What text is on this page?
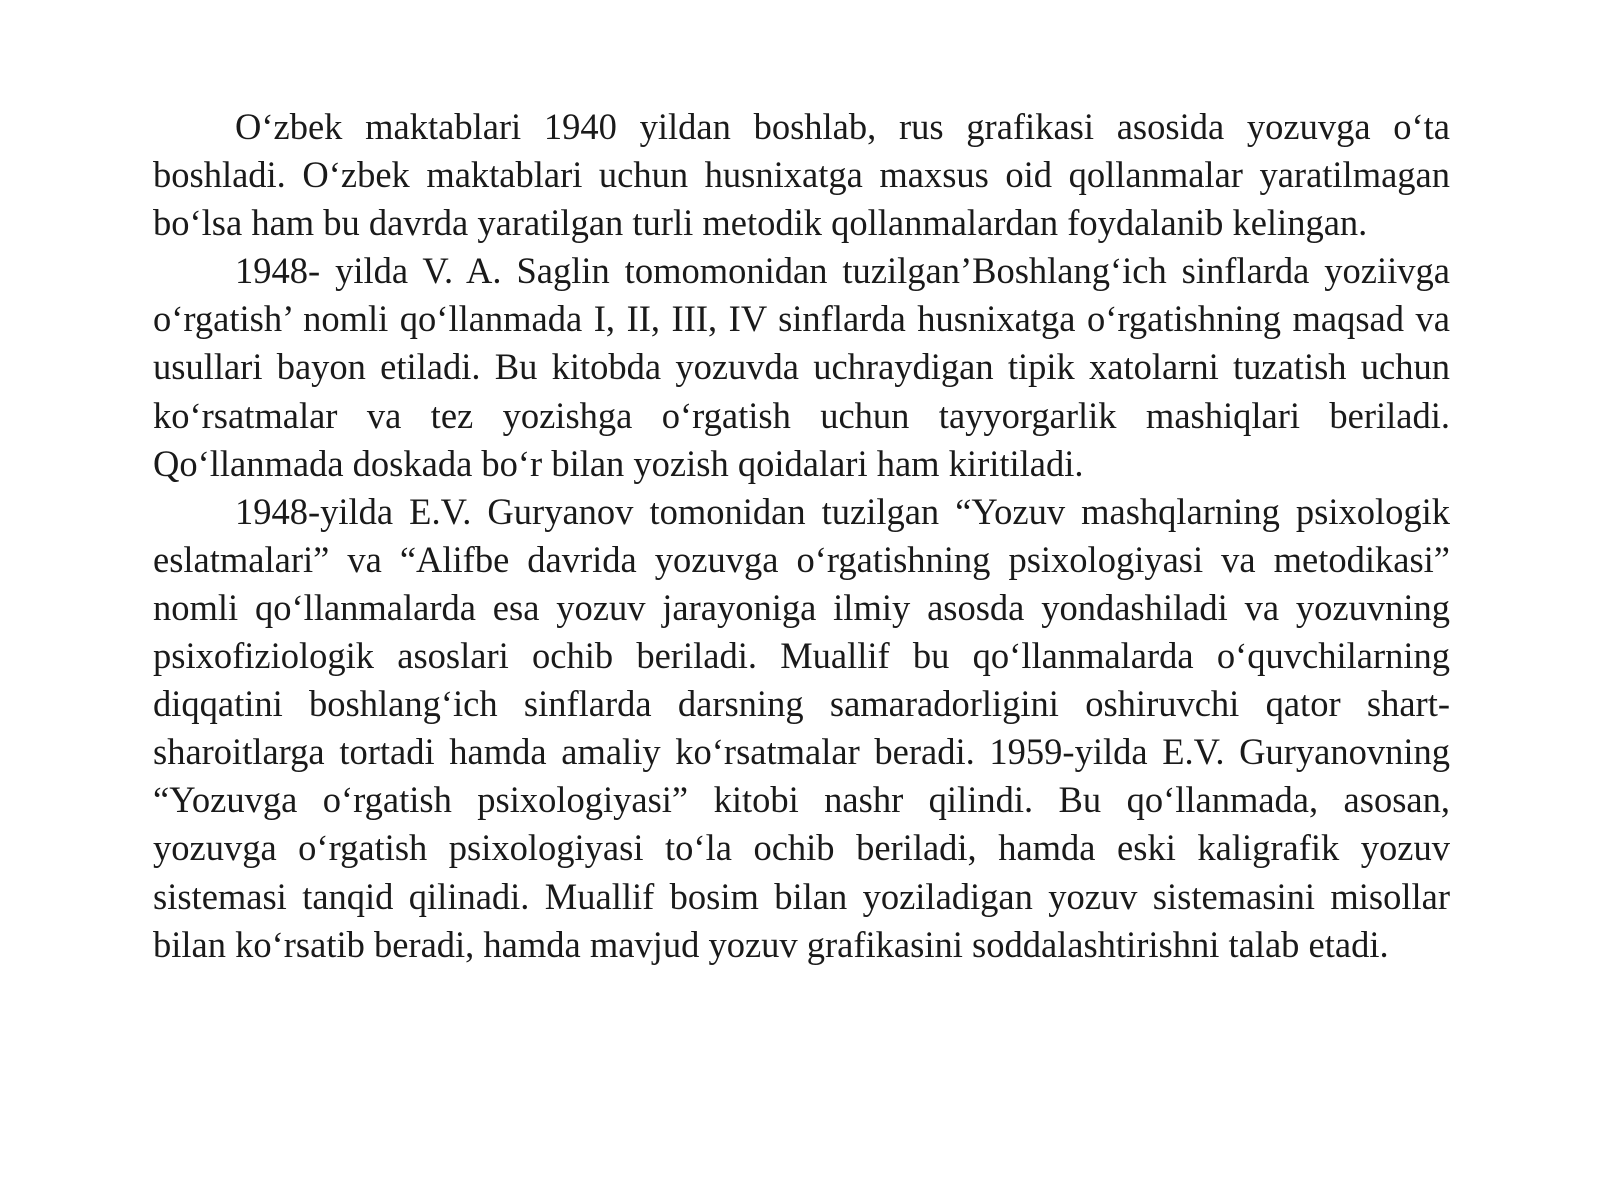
Oʻzbek maktablari 1940 yildan boshlab, rus grafikasi asosida yozuvga oʻta boshladi. Oʻzbek maktablari uchun husnixatga maxsus oid qollanmalar yaratilmagan boʻlsa ham bu davrda yaratilgan turli metodik qollanmalardan foydalanib kelingan.

1948- yilda V. A. Saglin tomomonidan tuzilgan’Boshlangʻich sinflarda yoziivga oʻrgatish’ nomli qoʻllanmada I, II, III, IV sinflarda husnixatga oʻrgatishning maqsad va usullari bayon etiladi. Bu kitobda yozuvda uchraydigan tipik xatolarni tuzatish uchun koʻrsatmalar va tez yozishga oʻrgatish uchun tayyorgarlik mashiqlari beriladi. Qoʻllanmada doskada boʻr bilan yozish qoidalari ham kiritiladi.

1948-yilda E.V. Guryanov tomonidan tuzilgan “Yozuv mashqlarning psixologik eslatmalari” va “Alifbe davrida yozuvga oʻrgatishning psixologiyasi va metodikasi” nomli qoʻllanmalarda esa yozuv jarayoniga ilmiy asosda yondashiladi va yozuvning psixofiziologik asoslari ochib beriladi. Muallif bu qoʻllanmalarda oʻquvchilarning diqqatini boshlangʻich sinflarda darsning samaradorligini oshiruvchi qator shart-sharoitlarga tortadi hamda amaliy koʻrsatmalar beradi. 1959-yilda E.V. Guryanovning “Yozuvga oʻrgatish psixologiyasi” kitobi nashr qilindi. Bu qoʻllanmada, asosan, yozuvga oʻrgatish psixologiyasi toʻla ochib beriladi, hamda eski kaligrafik yozuv sistemasi tanqid qilinadi. Muallif bosim bilan yoziladigan yozuv sistemasini misollar bilan koʻrsatib beradi, hamda mavjud yozuv grafikasini soddalashtirishni talab etadi.
